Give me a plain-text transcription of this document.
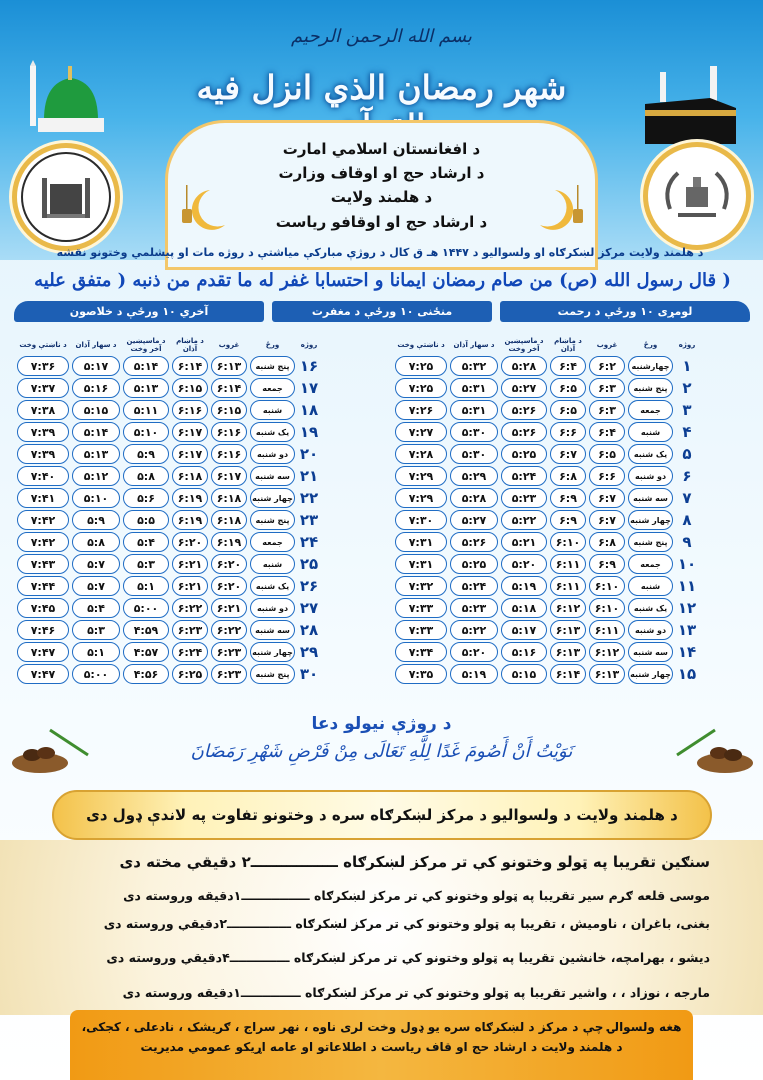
بسم الله الرحمن الرحيم
شهر رمضان الذي انزل فيه
د افغانستان اسلامي امارت
د ارشاد حج او اوقاف وزارت
د هلمند ولايت
د ارشاد حج او اوقافو رياست
د هلمند ولايت مرکز لښکرګاه او ولسواليو د ۱۴۴۷ هـ ق کال د روژې مبارکې مياشتې د روژه مات او پيشلمي وختونو نقشه
( قال رسول الله (ص) من صام رمضان ايمانا و احتسابا غفر له ما تقدم من ذنبه ( متفق عليه
لومړی ۱۰ ورځې د رحمت
منځنی ۱۰ ورځې د مغفرت
آخري ۱۰ ورځې د خلاصون
روژه	ورځ	غروب	د ماښام آذان	د ماسپښين آخر وخت	د سهار آذان	د ناښتې وخت
۱	چهارشنبه	۶:۲	۶:۴	۵:۲۸	۵:۳۲	۷:۲۵
۲	پنج شنبه	۶:۳	۶:۵	۵:۲۷	۵:۳۱	۷:۲۵
۳	جمعه	۶:۳	۶:۵	۵:۲۶	۵:۳۱	۷:۲۶
۴	شنبه	۶:۴	۶:۶	۵:۲۶	۵:۳۰	۷:۲۷
۵	یک شنبه	۶:۵	۶:۷	۵:۲۵	۵:۳۰	۷:۲۸
۶	دو شنبه	۶:۶	۶:۸	۵:۲۴	۵:۲۹	۷:۲۹
۷	سه شنبه	۶:۷	۶:۹	۵:۲۳	۵:۲۸	۷:۲۹
۸	چهار شنبه	۶:۷	۶:۹	۵:۲۲	۵:۲۷	۷:۳۰
۹	پنج شنبه	۶:۸	۶:۱۰	۵:۲۱	۵:۲۶	۷:۳۱
۱۰	جمعه	۶:۹	۶:۱۱	۵:۲۰	۵:۲۵	۷:۳۱
۱۱	شنبه	۶:۱۰	۶:۱۱	۵:۱۹	۵:۲۴	۷:۳۲
۱۲	یک شنبه	۶:۱۰	۶:۱۲	۵:۱۸	۵:۲۳	۷:۳۳
۱۳	دو شنبه	۶:۱۱	۶:۱۳	۵:۱۷	۵:۲۲	۷:۳۳
۱۴	سه شنبه	۶:۱۲	۶:۱۳	۵:۱۶	۵:۲۰	۷:۳۴
۱۵	چهار شنبه	۶:۱۳	۶:۱۴	۵:۱۵	۵:۱۹	۷:۳۵
روژه	ورځ	غروب	د ماښام آذان	د ماسپښين آخر وخت	د سهار آذان	د ناښتې وخت
۱۶	پنج شنبه	۶:۱۳	۶:۱۴	۵:۱۴	۵:۱۷	۷:۳۶
۱۷	جمعه	۶:۱۴	۶:۱۵	۵:۱۳	۵:۱۶	۷:۳۷
۱۸	شنبه	۶:۱۵	۶:۱۶	۵:۱۱	۵:۱۵	۷:۳۸
۱۹	یک شنبه	۶:۱۶	۶:۱۷	۵:۱۰	۵:۱۴	۷:۳۹
۲۰	دو شنبه	۶:۱۶	۶:۱۷	۵:۹	۵:۱۳	۷:۳۹
۲۱	سه شنبه	۶:۱۷	۶:۱۸	۵:۸	۵:۱۲	۷:۴۰
۲۲	چهار شنبه	۶:۱۸	۶:۱۹	۵:۶	۵:۱۰	۷:۴۱
۲۳	پنج شنبه	۶:۱۸	۶:۱۹	۵:۵	۵:۹	۷:۴۲
۲۴	جمعه	۶:۱۹	۶:۲۰	۵:۴	۵:۸	۷:۴۲
۲۵	شنبه	۶:۲۰	۶:۲۱	۵:۳	۵:۷	۷:۴۳
۲۶	یک شنبه	۶:۲۰	۶:۲۱	۵:۱	۵:۷	۷:۴۴
۲۷	دو شنبه	۶:۲۱	۶:۲۲	۵:۰۰	۵:۴	۷:۴۵
۲۸	سه شنبه	۶:۲۲	۶:۲۳	۴:۵۹	۵:۳	۷:۴۶
۲۹	چهار شنبه	۶:۲۳	۶:۲۴	۴:۵۷	۵:۱	۷:۴۷
۳۰	پنج شنبه	۶:۲۳	۶:۲۵	۴:۵۶	۵:۰۰	۷:۴۷
د روژې نيولو دعا
نَوَيْتُ أَنْ أَصُومَ غَدًا لِلَّهِ تَعَالَى مِنْ فَرْضِ شَهْرِ رَمَضَانَ
د هلمند ولايت د ولسواليو د مرکز لښکرګاه سره د وختونو تفاوت په لاندې ډول دی
سنګين تقريبا په ټولو وختونو کې تر مرکز لښکرګاه ـــــــــــــــــ۲ دقيقې مخته دی
موسی قلعه ګرم سير تقريبا په ټولو وختونو کې تر مرکز لښکرګاه ــــــــــــــــ۱دقيقه وروسته دی
بغنی، باغران ، ناوميش ، تقريبا په ټولو وختونو کې تر مرکز لښکرګاه ـــــــــــــــ۲دقيقې وروسته دی
ديشو ، بهرامچه، خانشين تقريبا په ټولو وختونو کې تر مرکز لښکرګاه ــــــــــــــ۴دقيقې وروسته دی
مارجه ، نوزاد ، ، واشير تقريبا په ټولو وختونو کې تر مرکز لښکرګاه ــــــــــــــ۱دقيقه وروسته دی
هغه ولسوالۍ چې د مرکز د لښکرګاه سره يو ډول وخت لری ناوه ، نهر سراج ، ګريشک ، نادعلی ، کجکی،
د هلمند ولايت د ارشاد حج او قاف رياست د اطلاعاتو او عامه اړيکو عمومي مديريت
